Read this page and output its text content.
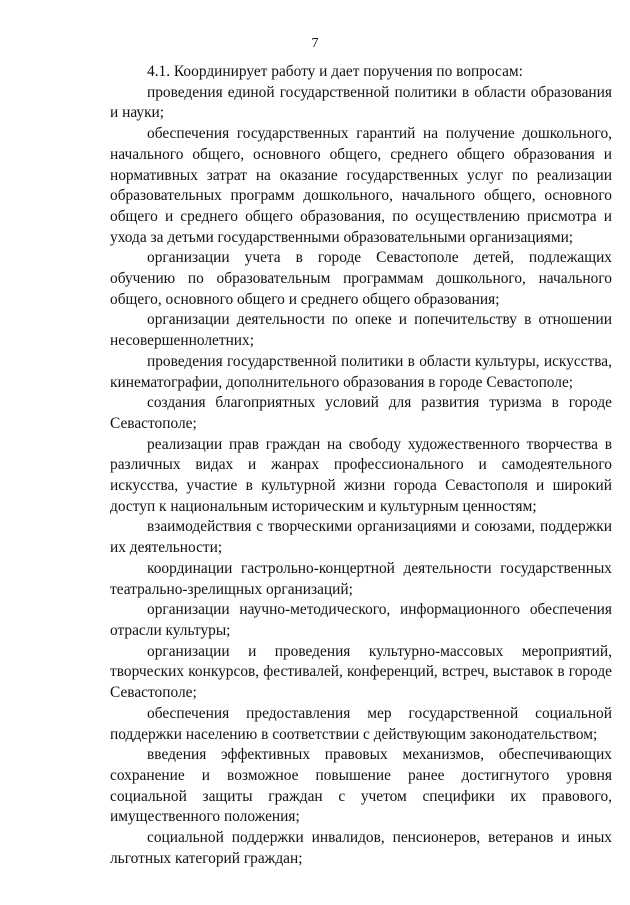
7

4.1. Координирует работу и дает поручения по вопросам:

проведения единой государственной политики в области образования и науки;

обеспечения государственных гарантий на получение дошкольного, начального общего, основного общего, среднего общего образования и нормативных затрат на оказание государственных услуг по реализации образовательных программ дошкольного, начального общего, основного общего и среднего общего образования, по осуществлению присмотра и ухода за детьми государственными образовательными организациями;

организации учета в городе Севастополе детей, подлежащих обучению по образовательным программам дошкольного, начального общего, основного общего и среднего общего образования;

организации деятельности по опеке и попечительству в отношении несовершеннолетних;

проведения государственной политики в области культуры, искусства, кинематографии, дополнительного образования в городе Севастополе;

создания благоприятных условий для развития туризма в городе Севастополе;

реализации прав граждан на свободу художественного творчества в различных видах и жанрах профессионального и самодеятельного искусства, участие в культурной жизни города Севастополя и широкий доступ к национальным историческим и культурным ценностям;

взаимодействия с творческими организациями и союзами, поддержки их деятельности;

координации гастрольно-концертной деятельности государственных театрально-зрелищных организаций;

организации научно-методического, информационного обеспечения отрасли культуры;

организации и проведения культурно-массовых мероприятий, творческих конкурсов, фестивалей, конференций, встреч, выставок в городе Севастополе;

обеспечения предоставления мер государственной социальной поддержки населению в соответствии с действующим законодательством;

введения эффективных правовых механизмов, обеспечивающих сохранение и возможное повышение ранее достигнутого уровня социальной защиты граждан с учетом специфики их правового, имущественного положения;

социальной поддержки инвалидов, пенсионеров, ветеранов и иных льготных категорий граждан;
